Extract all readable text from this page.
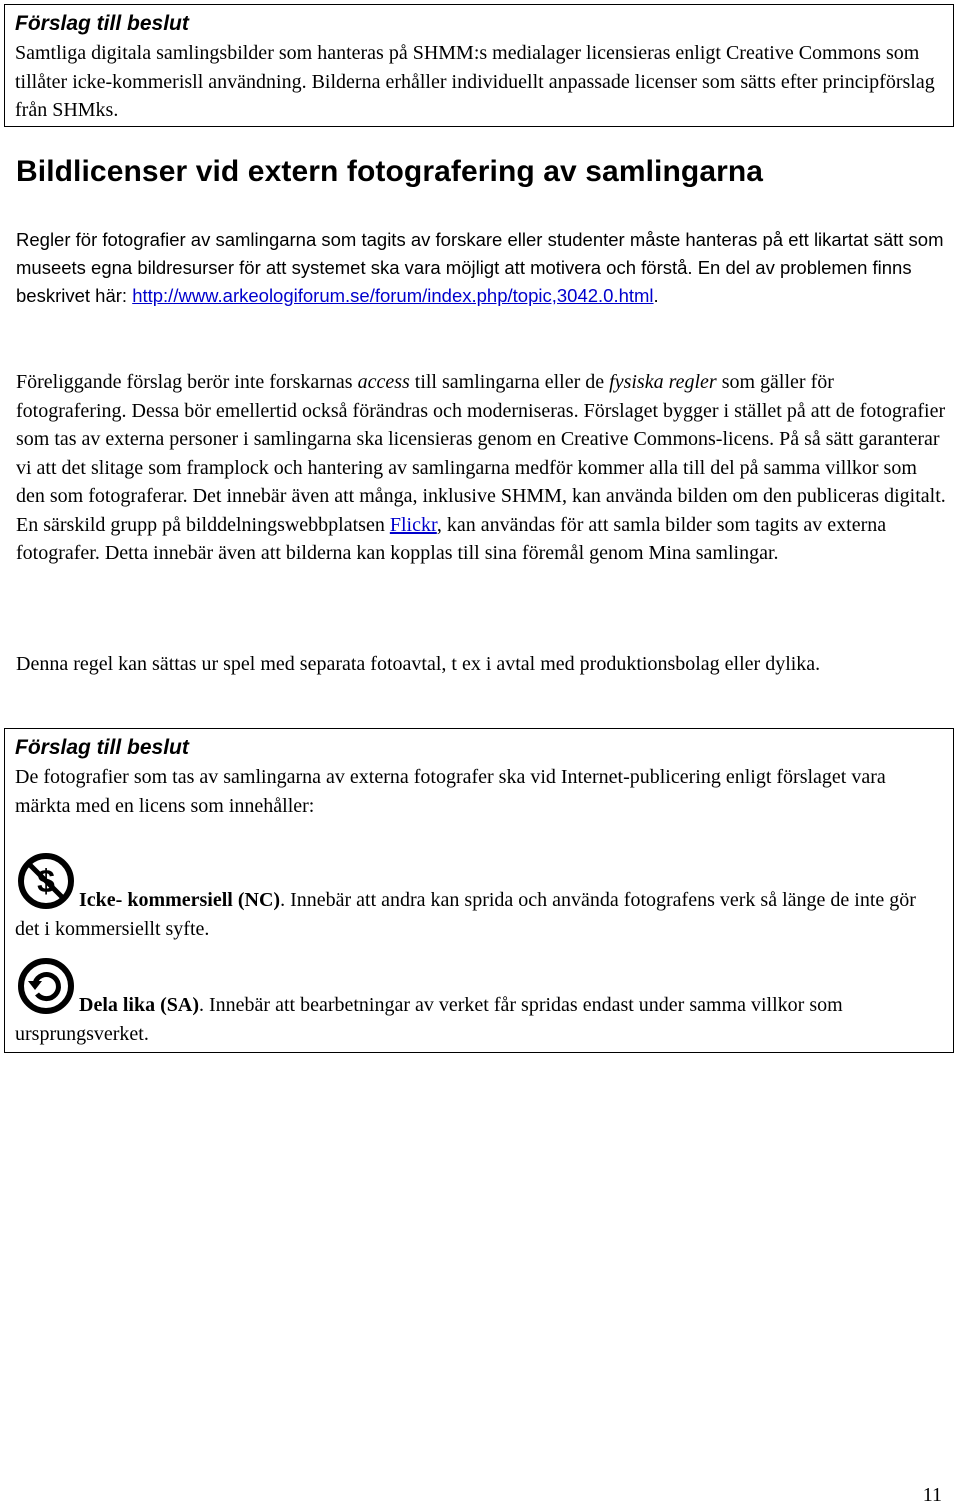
Förslag till beslut

Samtliga digitala samlingsbilder som hanteras på SHMM:s medialager licensieras enligt Creative Commons som tillåter icke-kommerisll användning. Bilderna erhåller individuellt anpassade licenser som sätts efter principförslag från SHMks.

Bildlicenser vid extern fotografering av samlingarna

Regler för fotografier av samlingarna som tagits av forskare eller studenter måste hanteras på ett likartat sätt som museets egna bildresurser för att systemet ska vara möjligt att motivera och förstå. En del av problemen finns beskrivet här: http://www.arkeologiforum.se/forum/index.php/topic,3042.0.html.

Föreliggande förslag berör inte forskarnas access till samlingarna eller de fysiska regler som gäller för fotografering. Dessa bör emellertid också förändras och moderniseras. Förslaget bygger i stället på att de fotografier som tas av externa personer i samlingarna ska licensieras genom en Creative Commons-licens. På så sätt garanterar vi att det slitage som framplock och hantering av samlingarna medför kommer alla till del på samma villkor som den som fotograferar. Det innebär även att många, inklusive SHMM, kan använda bilden om den publiceras digitalt. En särskild grupp på bilddelningswebbplatsen Flickr, kan användas för att samla bilder som tagits av externa fotografer. Detta innebär även att bilderna kan kopplas till sina föremål genom Mina samlingar.

Denna regel kan sättas ur spel med separata fotoavtal, t ex i avtal med produktionsbolag eller dylika.

Förslag till beslut

De fotografier som tas av samlingarna av externa fotografer ska vid Internet-publicering enligt förslaget vara märkta med en licens som innehåller:

$
Icke- kommersiell (NC). Innebär att andra kan sprida och använda fotografens verk så länge de inte gör det i kommersiellt syfte.

Dela lika (SA). Innebär att bearbetningar av verket får spridas endast under samma villkor som ursprungsverket.

11
